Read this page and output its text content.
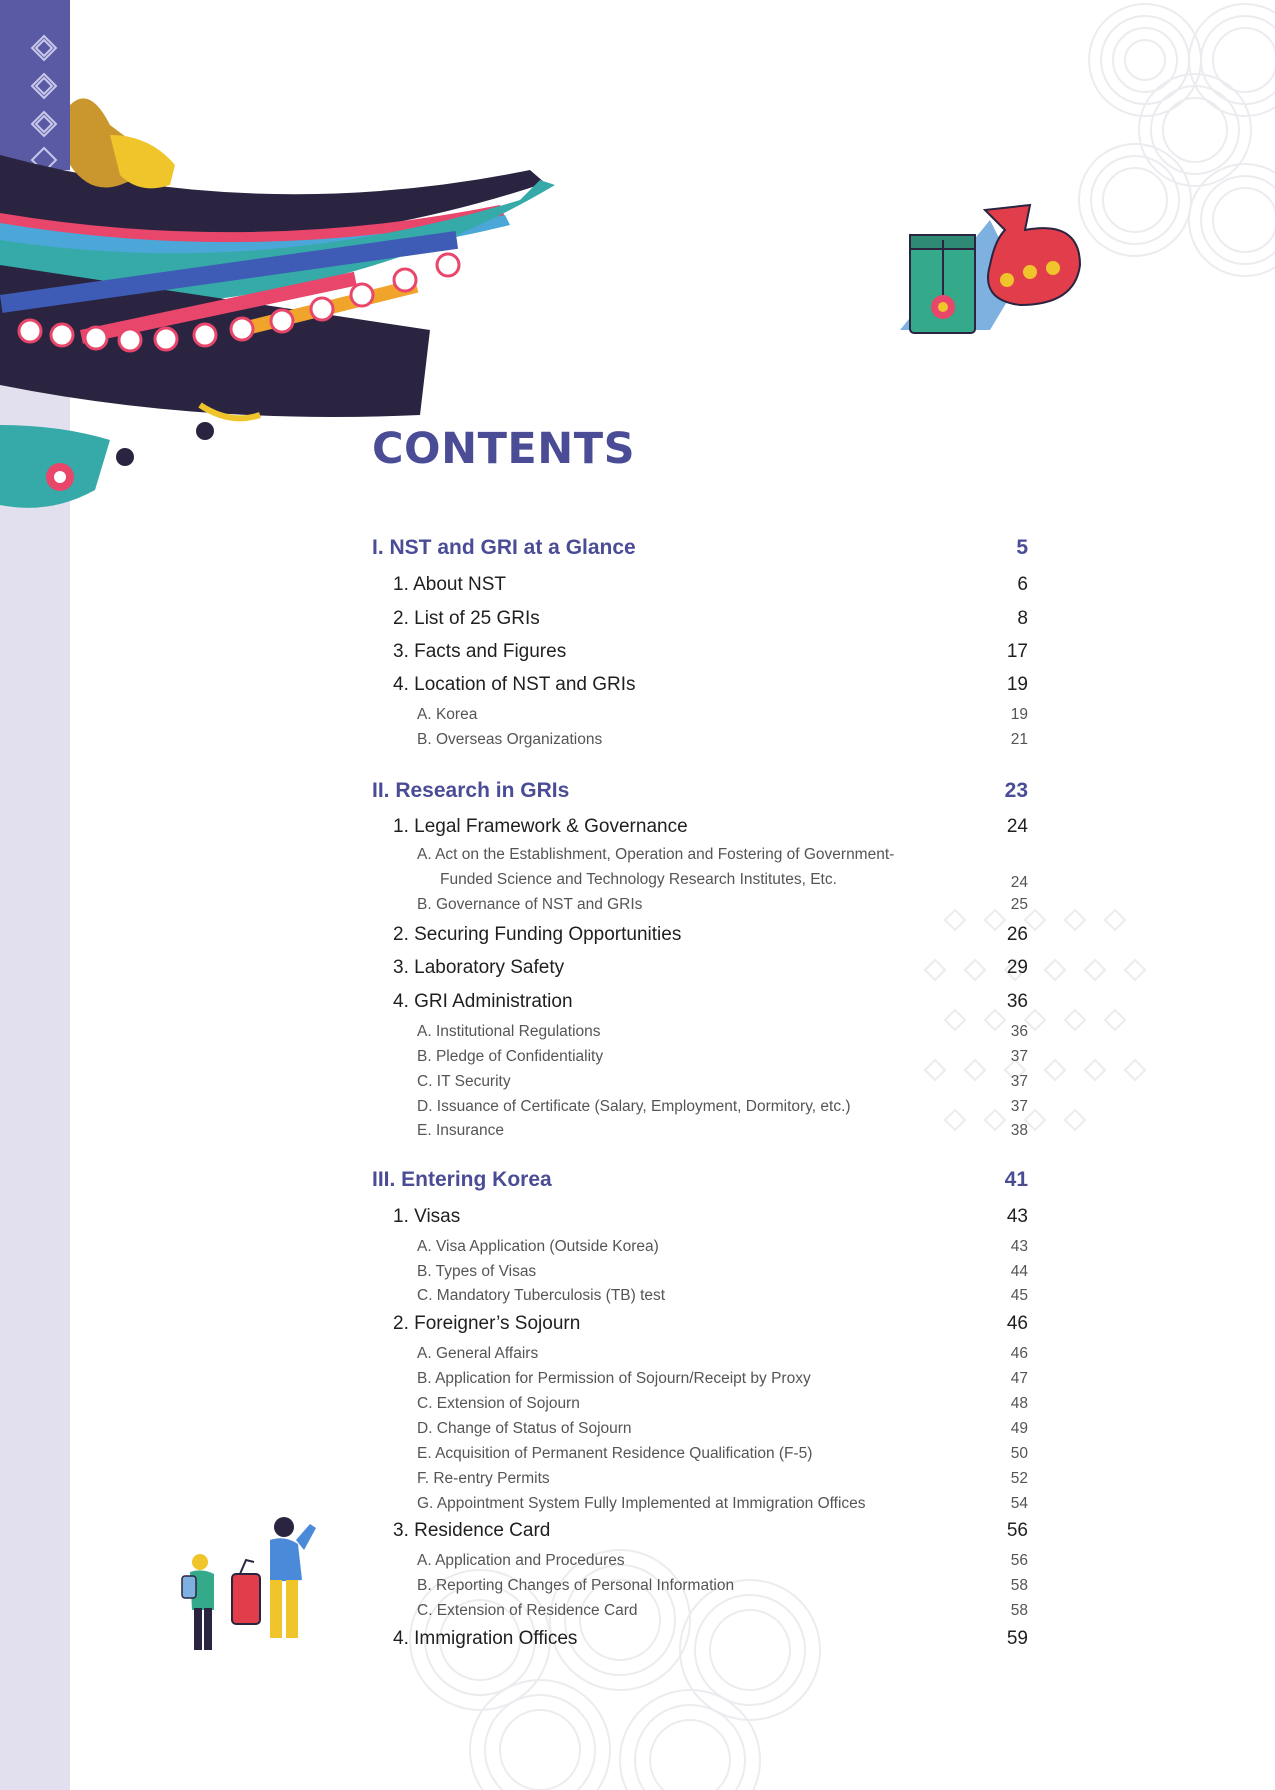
CONTENTS
I. NST and GRI at a Glance	5
1. About NST	6
2. List of 25 GRIs	8
3. Facts and Figures	17
4. Location of NST and GRIs	19
A. Korea	19
B. Overseas Organizations	21
II. Research in GRIs	23
1. Legal Framework & Governance	24
A. Act on the Establishment, Operation and Fostering of Government-
Funded Science and Technology Research Institutes, Etc.	24
B. Governance of NST and GRIs	25
2. Securing Funding Opportunities	26
3. Laboratory Safety	29
4. GRI Administration	36
A. Institutional Regulations	36
B. Pledge of Confidentiality	37
C. IT Security	37
D. Issuance of Certificate (Salary, Employment, Dormitory, etc.)	37
E. Insurance	38
III. Entering Korea	41
1. Visas	43
A. Visa Application (Outside Korea)	43
B. Types of Visas	44
C. Mandatory Tuberculosis (TB) test	45
2. Foreigner’s Sojourn	46
A. General Affairs	46
B. Application for Permission of Sojourn/Receipt by Proxy	47
C. Extension of Sojourn	48
D. Change of Status of Sojourn	49
E. Acquisition of Permanent Residence Qualification (F-5)	50
F. Re-entry Permits	52
G. Appointment System Fully Implemented at Immigration Offices	54
3. Residence Card	56
A. Application and Procedures	56
B. Reporting Changes of Personal Information	58
C. Extension of Residence Card	58
4. Immigration Offices	59
